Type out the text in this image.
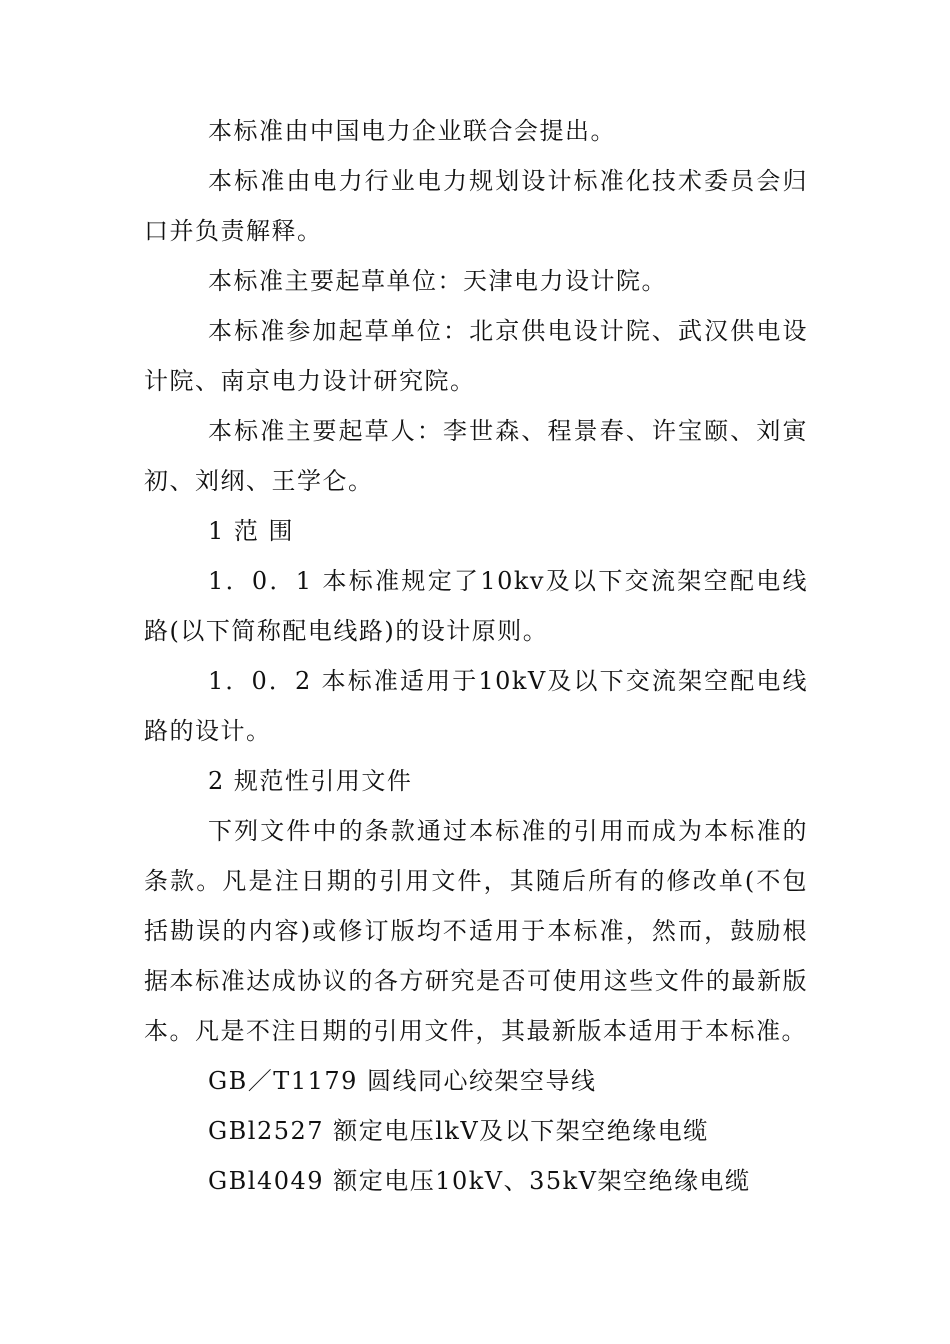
本标准由中国电力企业联合会提出。

本标准由电力行业电力规划设计标准化技术委员会归口并负责解释。

本标准主要起草单位：天津电力设计院。

本标准参加起草单位：北京供电设计院、武汉供电设计院、南京电力设计研究院。

本标准主要起草人：李世森、程景春、许宝颐、刘寅初、刘纲、王学仑。

1 范 围

1．0．1 本标准规定了10kv及以下交流架空配电线路(以下简称配电线路)的设计原则。

1．0．2 本标准适用于10kV及以下交流架空配电线路的设计。

2 规范性引用文件

下列文件中的条款通过本标准的引用而成为本标准的条款。凡是注日期的引用文件，其随后所有的修改单(不包括勘误的内容)或修订版均不适用于本标准，然而，鼓励根据本标准达成协议的各方研究是否可使用这些文件的最新版本。凡是不注日期的引用文件，其最新版本适用于本标准。

GB／T1179 圆线同心绞架空导线

GBl2527 额定电压lkV及以下架空绝缘电缆

GBl4049 额定电压10kV、35kV架空绝缘电缆
